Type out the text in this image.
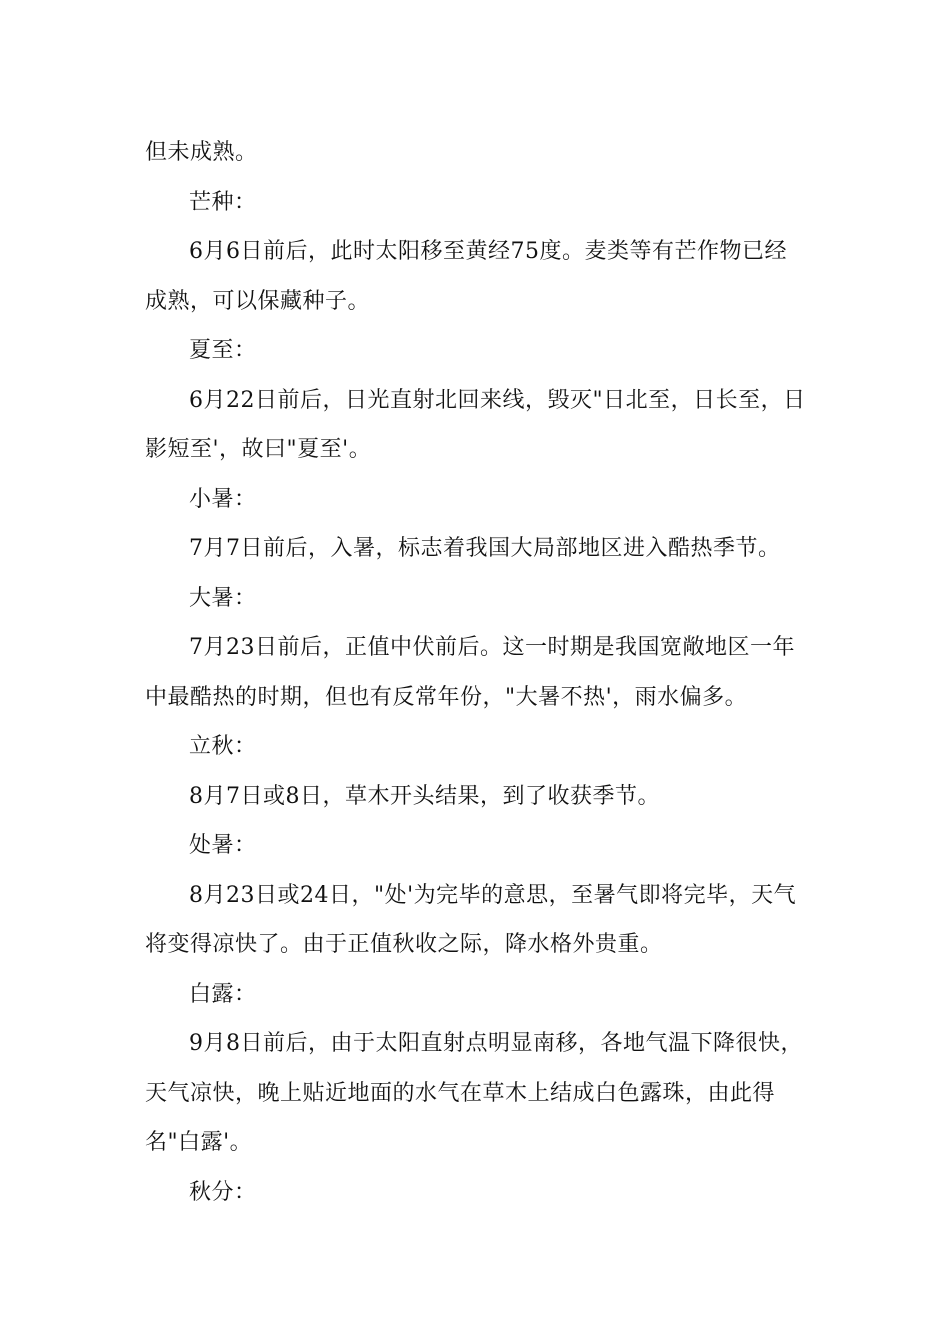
但未成熟。
芒种：
6月6日前后，此时太阳移至黄经75度。麦类等有芒作物已经
成熟，可以保藏种子。
夏至：
6月22日前后，日光直射北回来线，毁灭"日北至，日长至，日
影短至'，故曰"夏至'。
小暑：
7月7日前后，入暑，标志着我国大局部地区进入酷热季节。
大暑：
7月23日前后，正值中伏前后。这一时期是我国宽敞地区一年
中最酷热的时期，但也有反常年份，"大暑不热'，雨水偏多。
立秋：
8月7日或8日，草木开头结果，到了收获季节。
处暑：
8月23日或24日，"处'为完毕的意思，至暑气即将完毕，天气
将变得凉快了。由于正值秋收之际，降水格外贵重。
白露：
9月8日前后，由于太阳直射点明显南移，各地气温下降很快，
天气凉快，晚上贴近地面的水气在草木上结成白色露珠，由此得
名"白露'。
秋分：
